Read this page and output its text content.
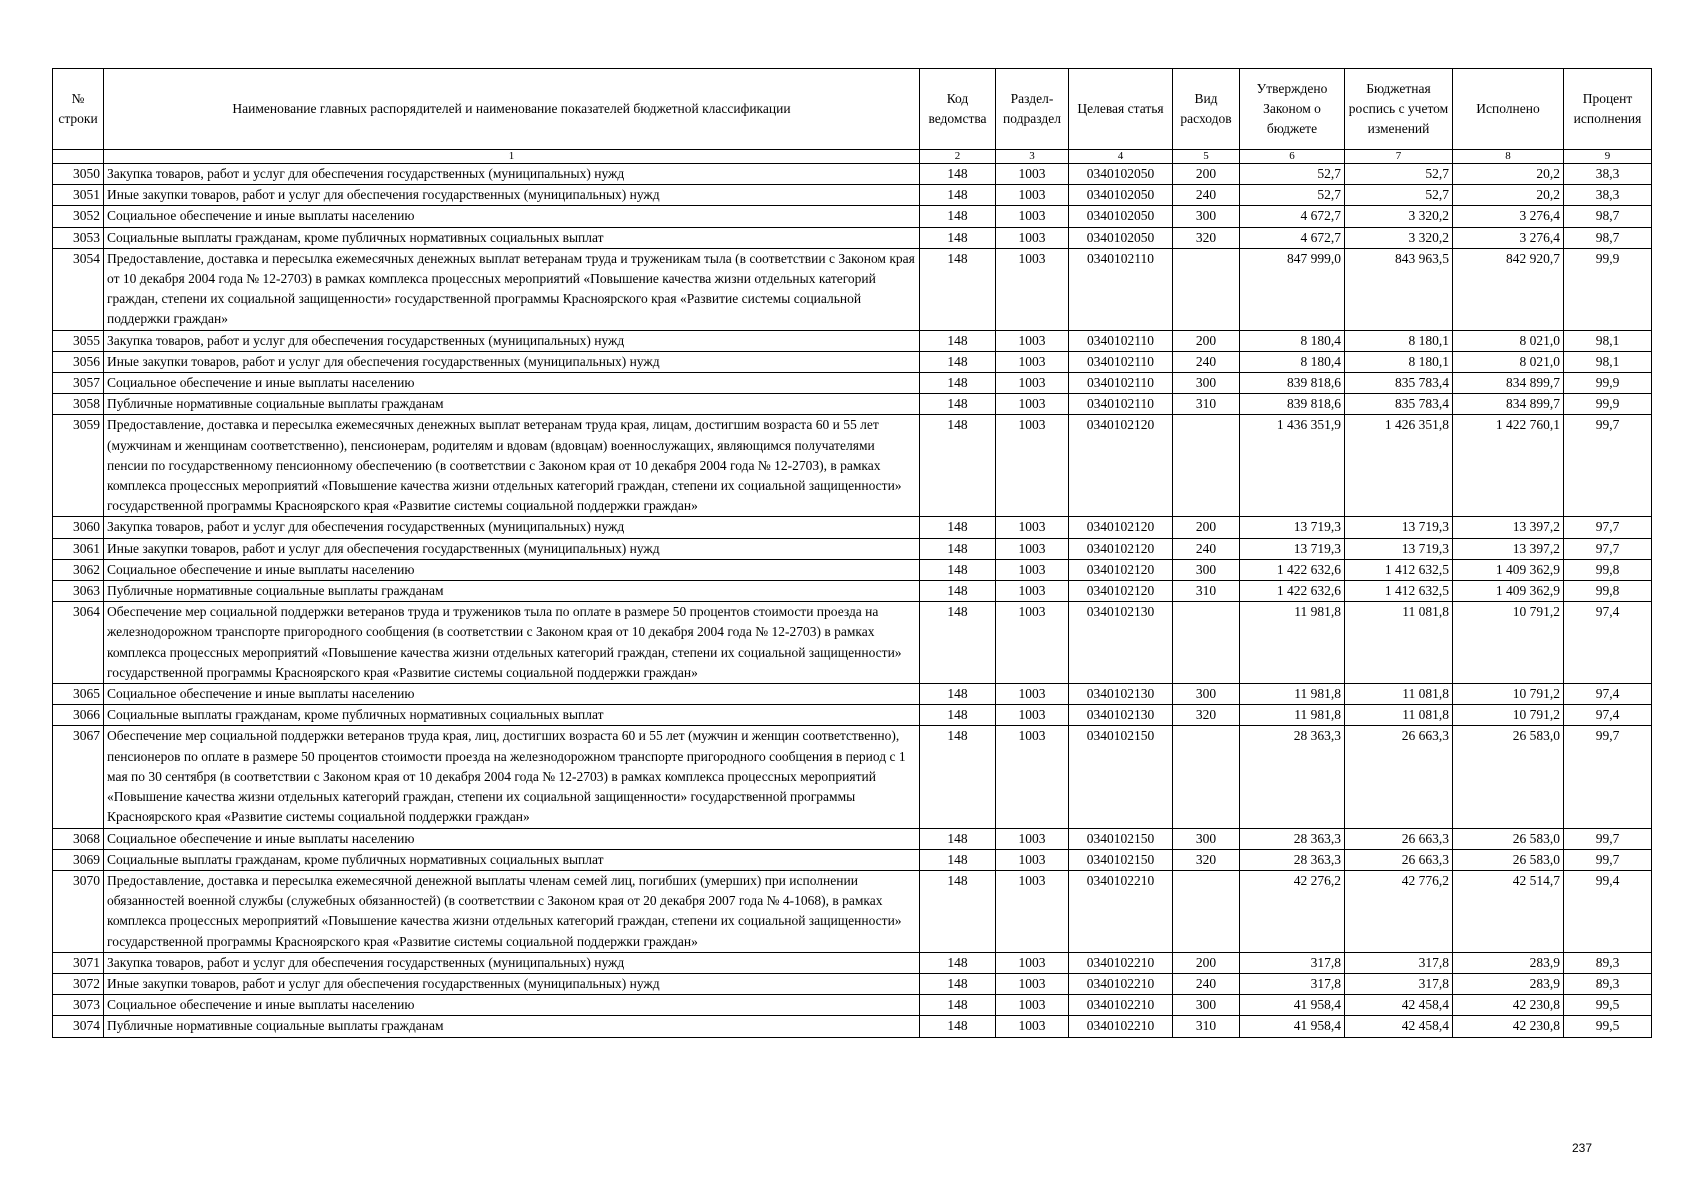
№ строки	Наименование главных распорядителей и наименование показателей бюджетной классификации	Код ведомства	Раздел-подраздел	Целевая статья	Вид расходов	Утверждено Законом о бюджете	Бюджетная роспись с учетом изменений	Исполнено	Процент исполнения
	1	2	3	4	5	6	7	8	9
3050	Закупка товаров, работ и услуг для обеспечения государственных (муниципальных) нужд	148	1003	0340102050	200	52,7	52,7	20,2	38,3
3051	Иные закупки товаров, работ и услуг для обеспечения государственных (муниципальных) нужд	148	1003	0340102050	240	52,7	52,7	20,2	38,3
3052	Социальное обеспечение и иные выплаты населению	148	1003	0340102050	300	4 672,7	3 320,2	3 276,4	98,7
3053	Социальные выплаты гражданам, кроме публичных нормативных социальных выплат	148	1003	0340102050	320	4 672,7	3 320,2	3 276,4	98,7
3054	Предоставление, доставка и пересылка ежемесячных денежных выплат ветеранам труда и труженикам тыла (в соответствии с Законом края от 10 декабря 2004 года № 12-2703) в рамках комплекса процессных мероприятий «Повышение качества жизни отдельных категорий граждан, степени их социальной защищенности» государственной программы Красноярского края «Развитие системы социальной поддержки граждан»	148	1003	0340102110		847 999,0	843 963,5	842 920,7	99,9
3055	Закупка товаров, работ и услуг для обеспечения государственных (муниципальных) нужд	148	1003	0340102110	200	8 180,4	8 180,1	8 021,0	98,1
3056	Иные закупки товаров, работ и услуг для обеспечения государственных (муниципальных) нужд	148	1003	0340102110	240	8 180,4	8 180,1	8 021,0	98,1
3057	Социальное обеспечение и иные выплаты населению	148	1003	0340102110	300	839 818,6	835 783,4	834 899,7	99,9
3058	Публичные нормативные социальные выплаты гражданам	148	1003	0340102110	310	839 818,6	835 783,4	834 899,7	99,9
3059	Предоставление, доставка и пересылка ежемесячных денежных выплат ветеранам труда края, лицам, достигшим возраста 60 и 55 лет (мужчинам и женщинам соответственно), пенсионерам, родителям и вдовам (вдовцам) военнослужащих, являющимся получателями пенсии по государственному пенсионному обеспечению (в соответствии с Законом края от 10 декабря 2004 года № 12-2703), в рамках комплекса процессных мероприятий «Повышение качества жизни отдельных категорий граждан, степени их социальной защищенности» государственной программы Красноярского края «Развитие системы социальной поддержки граждан»	148	1003	0340102120		1 436 351,9	1 426 351,8	1 422 760,1	99,7
3060	Закупка товаров, работ и услуг для обеспечения государственных (муниципальных) нужд	148	1003	0340102120	200	13 719,3	13 719,3	13 397,2	97,7
3061	Иные закупки товаров, работ и услуг для обеспечения государственных (муниципальных) нужд	148	1003	0340102120	240	13 719,3	13 719,3	13 397,2	97,7
3062	Социальное обеспечение и иные выплаты населению	148	1003	0340102120	300	1 422 632,6	1 412 632,5	1 409 362,9	99,8
3063	Публичные нормативные социальные выплаты гражданам	148	1003	0340102120	310	1 422 632,6	1 412 632,5	1 409 362,9	99,8
3064	Обеспечение мер социальной поддержки ветеранов труда и тружеников тыла по оплате в размере 50 процентов стоимости проезда на железнодорожном транспорте пригородного сообщения (в соответствии с Законом края от 10 декабря 2004 года № 12-2703) в рамках комплекса процессных мероприятий «Повышение качества жизни отдельных категорий граждан, степени их социальной защищенности» государственной программы Красноярского края «Развитие системы социальной поддержки граждан»	148	1003	0340102130		11 981,8	11 081,8	10 791,2	97,4
3065	Социальное обеспечение и иные выплаты населению	148	1003	0340102130	300	11 981,8	11 081,8	10 791,2	97,4
3066	Социальные выплаты гражданам, кроме публичных нормативных социальных выплат	148	1003	0340102130	320	11 981,8	11 081,8	10 791,2	97,4
3067	Обеспечение мер социальной поддержки ветеранов труда края, лиц, достигших возраста 60 и 55 лет (мужчин и женщин соответственно), пенсионеров по оплате в размере 50 процентов стоимости проезда на железнодорожном транспорте пригородного сообщения в период с 1 мая по 30 сентября (в соответствии с Законом края от 10 декабря 2004 года № 12-2703) в рамках комплекса процессных мероприятий «Повышение качества жизни отдельных категорий граждан, степени их социальной защищенности» государственной программы Красноярского края «Развитие системы социальной поддержки граждан»	148	1003	0340102150		28 363,3	26 663,3	26 583,0	99,7
3068	Социальное обеспечение и иные выплаты населению	148	1003	0340102150	300	28 363,3	26 663,3	26 583,0	99,7
3069	Социальные выплаты гражданам, кроме публичных нормативных социальных выплат	148	1003	0340102150	320	28 363,3	26 663,3	26 583,0	99,7
3070	Предоставление, доставка и пересылка ежемесячной денежной выплаты членам семей лиц, погибших (умерших) при исполнении обязанностей военной службы (служебных обязанностей) (в соответствии с Законом края от 20 декабря 2007 года № 4-1068), в рамках комплекса процессных мероприятий «Повышение качества жизни отдельных категорий граждан, степени их социальной защищенности» государственной программы Красноярского края «Развитие системы социальной поддержки граждан»	148	1003	0340102210		42 276,2	42 776,2	42 514,7	99,4
3071	Закупка товаров, работ и услуг для обеспечения государственных (муниципальных) нужд	148	1003	0340102210	200	317,8	317,8	283,9	89,3
3072	Иные закупки товаров, работ и услуг для обеспечения государственных (муниципальных) нужд	148	1003	0340102210	240	317,8	317,8	283,9	89,3
3073	Социальное обеспечение и иные выплаты населению	148	1003	0340102210	300	41 958,4	42 458,4	42 230,8	99,5
3074	Публичные нормативные социальные выплаты гражданам	148	1003	0340102210	310	41 958,4	42 458,4	42 230,8	99,5
237
